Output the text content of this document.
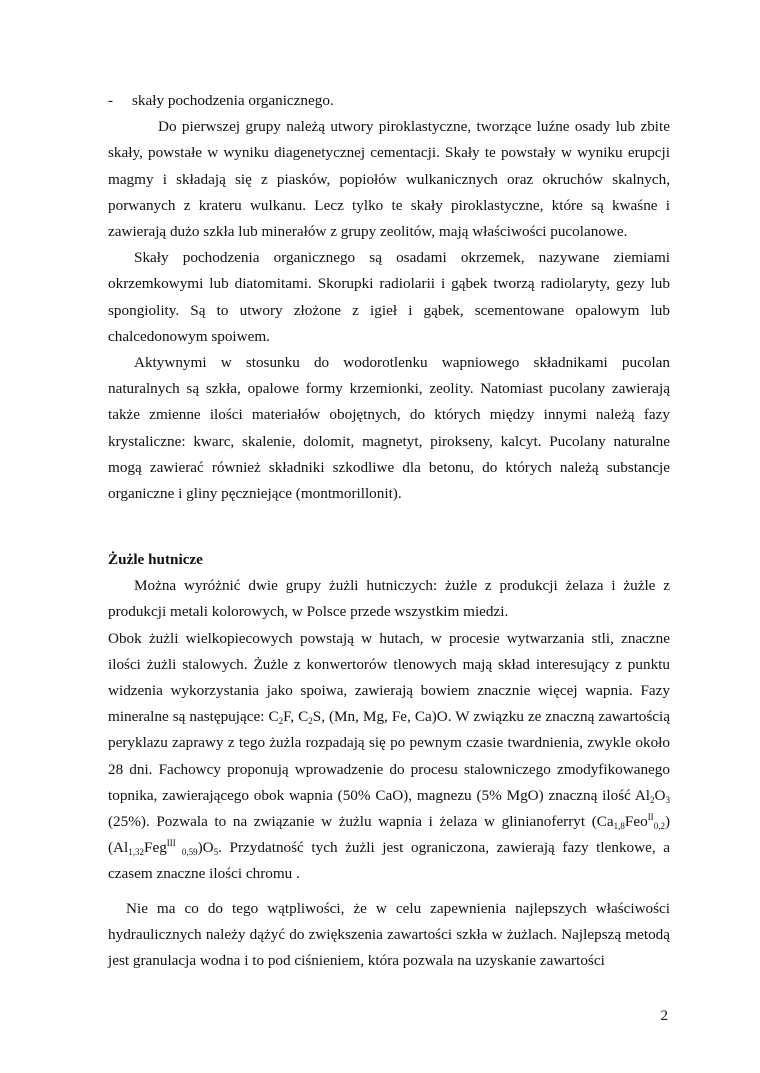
- skały pochodzenia organicznego.

Do pierwszej grupy należą utwory piroklastyczne, tworzące luźne osady lub zbite skały, powstałe w wyniku diagenetycznej cementacji. Skały te powstały w wyniku erupcji magmy i składają się z piasków, popiołów wulkanicznych oraz okruchów skalnych, porwanych z krateru wulkanu. Lecz tylko te skały piroklastyczne, które są kwaśne i zawierają dużo szkła lub minerałów z grupy zeolitów, mają właściwości pucolanowe.

Skały pochodzenia organicznego są osadami okrzemek, nazywane ziemiami okrzemkowymi lub diatomitami. Skorupki radiolarii i gąbek tworzą radiolaryty, gezy lub spongiolity. Są to utwory złożone z igieł i gąbek, scementowane opalowym lub chalcedonowym spoiwem.

Aktywnymi w stosunku do wodorotlenku wapniowego składnikami pucolan naturalnych są szkła, opalowe formy krzemionki, zeolity. Natomiast pucolany zawierają także zmienne ilości materiałów obojętnych, do których między innymi należą fazy krystaliczne: kwarc, skalenie, dolomit, magnetyt, pirokseny, kalcyt. Pucolany naturalne mogą zawierać również składniki szkodliwe dla betonu, do których należą substancje organiczne i gliny pęczniejące (montmorillonit).

Żużle hutnicze

Można wyróżnić dwie grupy żużli hutniczych: żużle z produkcji żelaza i żużle z produkcji metali kolorowych, w Polsce przede wszystkim miedzi.

Obok żużli wielkopiecowych powstają w hutach, w procesie wytwarzania stli, znaczne ilości żużli stalowych. Żużle z konwertorów tlenowych mają skład interesujący z punktu widzenia wykorzystania jako spoiwa, zawierają bowiem znacznie więcej wapnia. Fazy mineralne są następujące: $C_2F$, $C_2S$, (Mn, Mg, Fe, Ca)O. W związku ze znaczną zawartością peryklazu zaprawy z tego żużla rozpadają się po pewnym czasie twardnienia, zwykle około 28 dni. Fachowcy proponują wprowadzenie do procesu stalowniczego zmodyfikowanego topnika, zawierającego obok wapnia (50% CaO), magnezu (5% MgO) znaczną ilość $Al_2O_3$ (25%). Pozwala to na związanie w żużlu wapnia i żelaza w glinianoferryt $(Ca_{1,8}Feo^{II}_{0,2})(Al_{1,32}Feg^{III}$ $_{0,59})O_5$. Przydatność tych żużli jest ograniczona, zawierają fazy tlenkowe, a czasem znaczne ilości chromu .

Nie ma co do tego wątpliwości, że w celu zapewnienia najlepszych właściwości hydraulicznych należy dążyć do zwiększenia zawartości szkła w żużlach. Najlepszą metodą jest granulacja wodna i to pod ciśnieniem, która pozwala na uzyskanie zawartości

2
